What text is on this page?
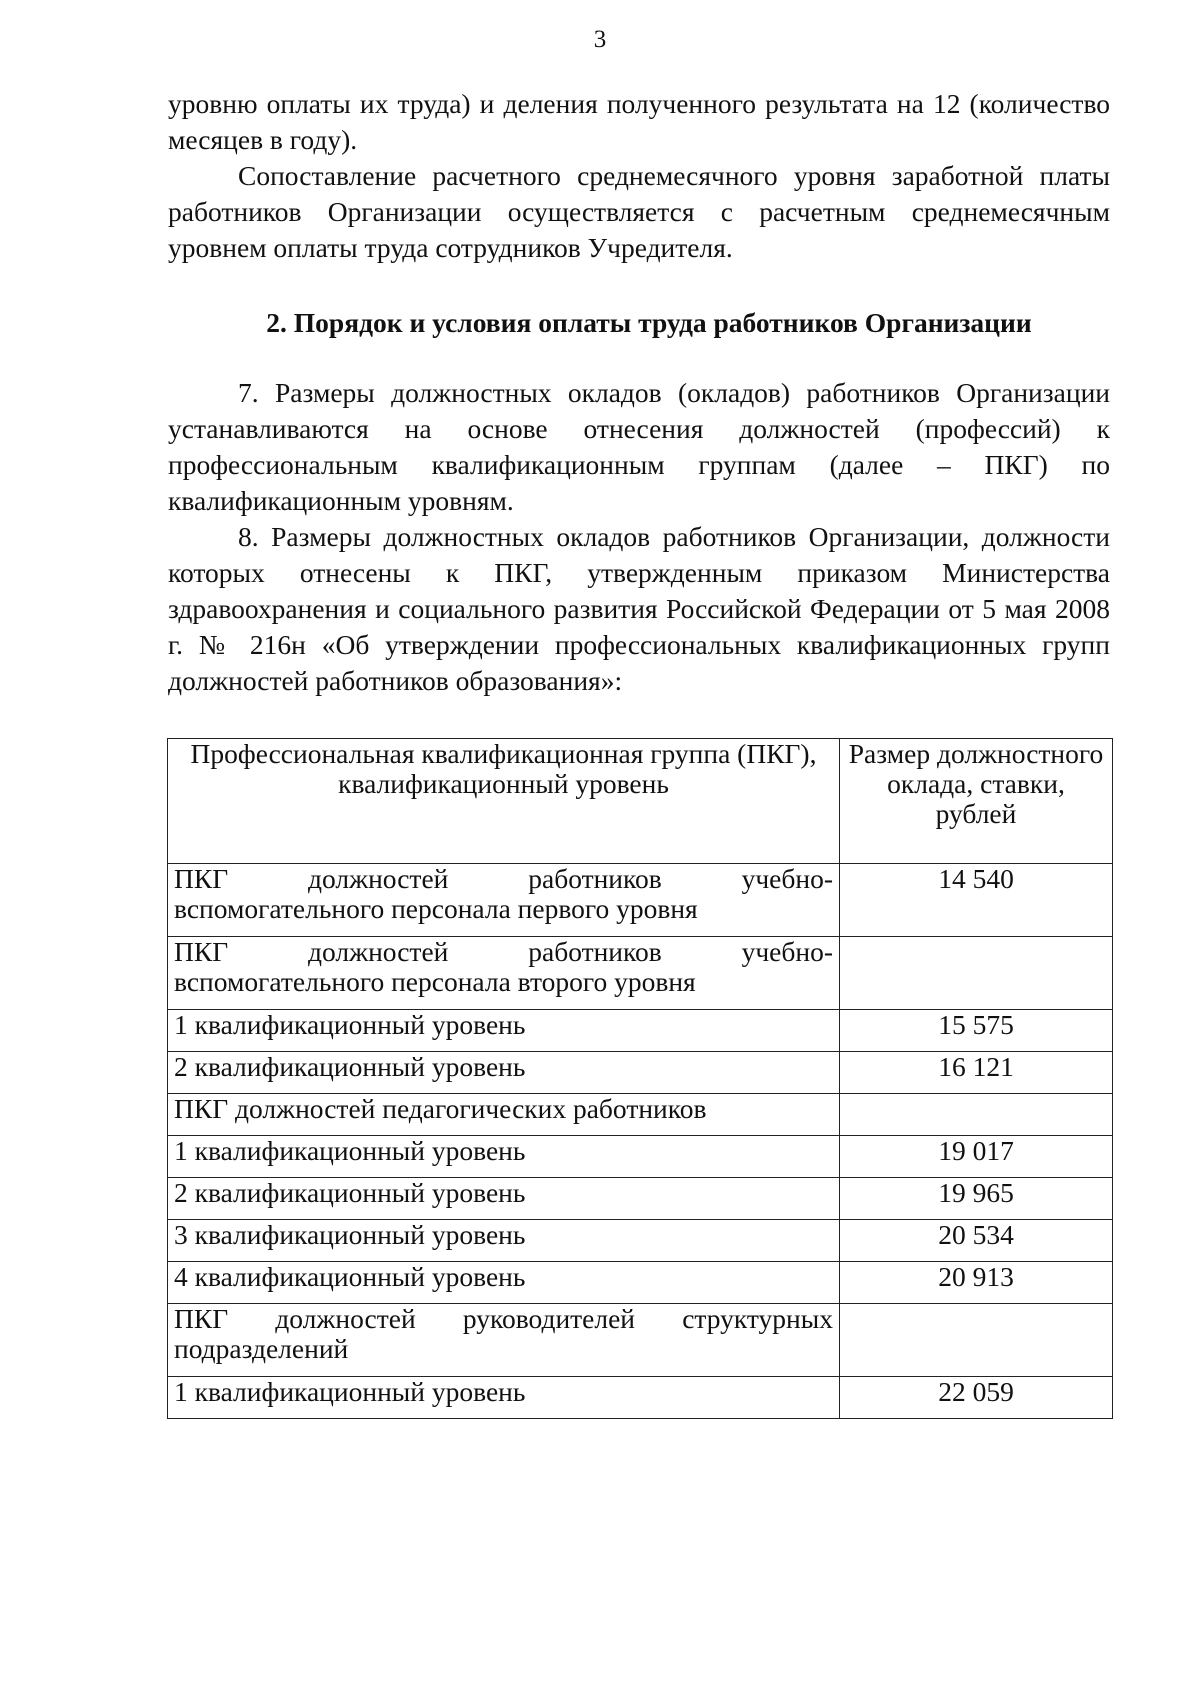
3

уровню оплаты их труда) и деления полученного результата на 12 (количество месяцев в году).

Сопоставление расчетного среднемесячного уровня заработной платы работников Организации осуществляется с расчетным среднемесячным уровнем оплаты труда сотрудников Учредителя.

2. Порядок и условия оплаты труда работников Организации

7. Размеры должностных окладов (окладов) работников Организации устанавливаются на основе отнесения должностей (профессий) к профессиональным квалификационным группам (далее – ПКГ) по квалификационным уровням.

8. Размеры должностных окладов работников Организации, должности которых отнесены к ПКГ, утвержденным приказом Министерства здравоохранения и социального развития Российской Федерации от 5 мая 2008 г. № 216н «Об утверждении профессиональных квалификационных групп должностей работников образования»:

Профессиональная квалификационная группа (ПКГ), квалификационный уровень	Размер должностного оклада, ставки, рублей

ПКГ должностей работников учебно-
вспомогательного персонала первого уровня	14 540

ПКГ должностей работников учебно-
вспомогательного персонала второго уровня	
1 квалификационный уровень	15 575
2 квалификационный уровень	16 121
ПКГ должностей педагогических работников	
1 квалификационный уровень	19 017
2 квалификационный уровень	19 965
3 квалификационный уровень	20 534
4 квалификационный уровень	20 913

ПКГ должностей руководителей структурных
подразделений	
1 квалификационный уровень	22 059
